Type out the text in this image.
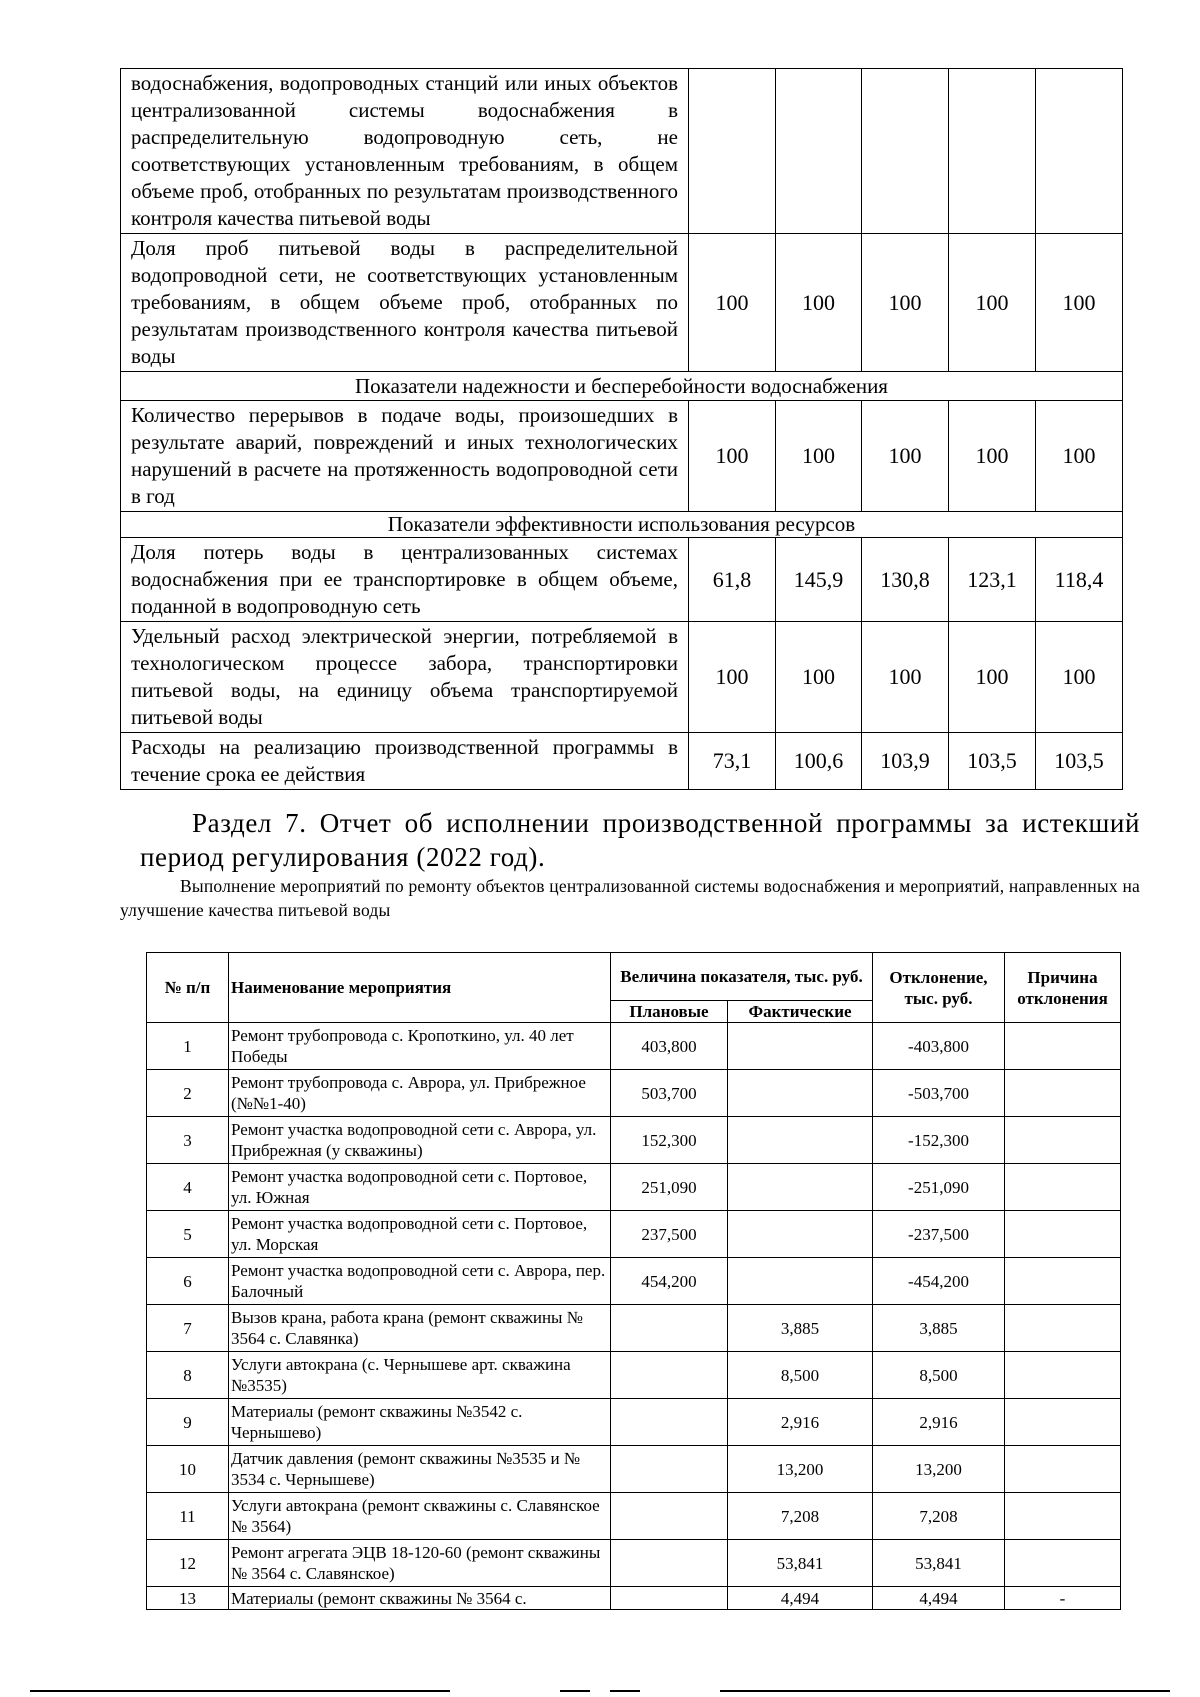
водоснабжения, водопроводных станций или иных объектов централизованной системы водоснабжения в распределительную водопроводную сеть, не соответствующих установленным требованиям, в общем объеме проб, отобранных по результатам производственного контроля качества питьевой воды					
Доля проб питьевой воды в распределительной водопроводной сети, не соответствующих установленным требованиям, в общем объеме проб, отобранных по результатам производственного контроля качества питьевой воды	100	100	100	100	100
Показатели надежности и бесперебойности водоснабжения					
Количество перерывов в подаче воды, произошедших в результате аварий, повреждений и иных технологических нарушений в расчете на протяженность водопроводной сети в год	100	100	100	100	100
Показатели эффективности использования ресурсов					
Доля потерь воды в централизованных системах водоснабжения при ее транспортировке в общем объеме, поданной в водопроводную сеть	61,8	145,9	130,8	123,1	118,4
Удельный расход электрической энергии, потребляемой в технологическом процессе забора, транспортировки питьевой воды, на единицу объема транспортируемой питьевой воды	100	100	100	100	100
Расходы на реализацию производственной программы в течение срока ее действия	73,1	100,6	103,9	103,5	103,5
Раздел 7. Отчет об исполнении производственной программы за истекший период регулирования (2022 год).
Выполнение мероприятий по ремонту объектов централизованной системы водоснабжения и мероприятий, направленных на улучшение качества питьевой воды
№ п/п	Наименование мероприятия	Величина показателя, тыс. руб.		Отклонение, тыс. руб.	Причина отклонения
		Плановые	Фактические		
1	Ремонт трубопровода с. Кропоткино, ул. 40 лет Победы	403,800		-403,800	
2	Ремонт трубопровода с. Аврора, ул. Прибрежное (№№1-40)	503,700		-503,700	
3	Ремонт участка водопроводной сети с. Аврора, ул. Прибрежная (у скважины)	152,300		-152,300	
4	Ремонт участка водопроводной сети с. Портовое, ул. Южная	251,090		-251,090	
5	Ремонт участка водопроводной сети с. Портовое, ул. Морская	237,500		-237,500	
6	Ремонт участка водопроводной сети с. Аврора, пер. Балочный	454,200		-454,200	
7	Вызов крана, работа крана (ремонт скважины № 3564 с. Славянка)		3,885	3,885	
8	Услуги автокрана (с. Чернышеве арт. скважина №3535)		8,500	8,500	
9	Материалы (ремонт скважины №3542 с. Чернышево)		2,916	2,916	
10	Датчик давления (ремонт скважины №3535 и № 3534 с. Чернышеве)		13,200	13,200	
11	Услуги автокрана (ремонт скважины с. Славянское № 3564)		7,208	7,208	
12	Ремонт агрегата ЭЦВ 18-120-60 (ремонт скважины № 3564 с. Славянское)		53,841	53,841	
13	Материалы (ремонт скважины № 3564 с.		4,494	4,494	-
